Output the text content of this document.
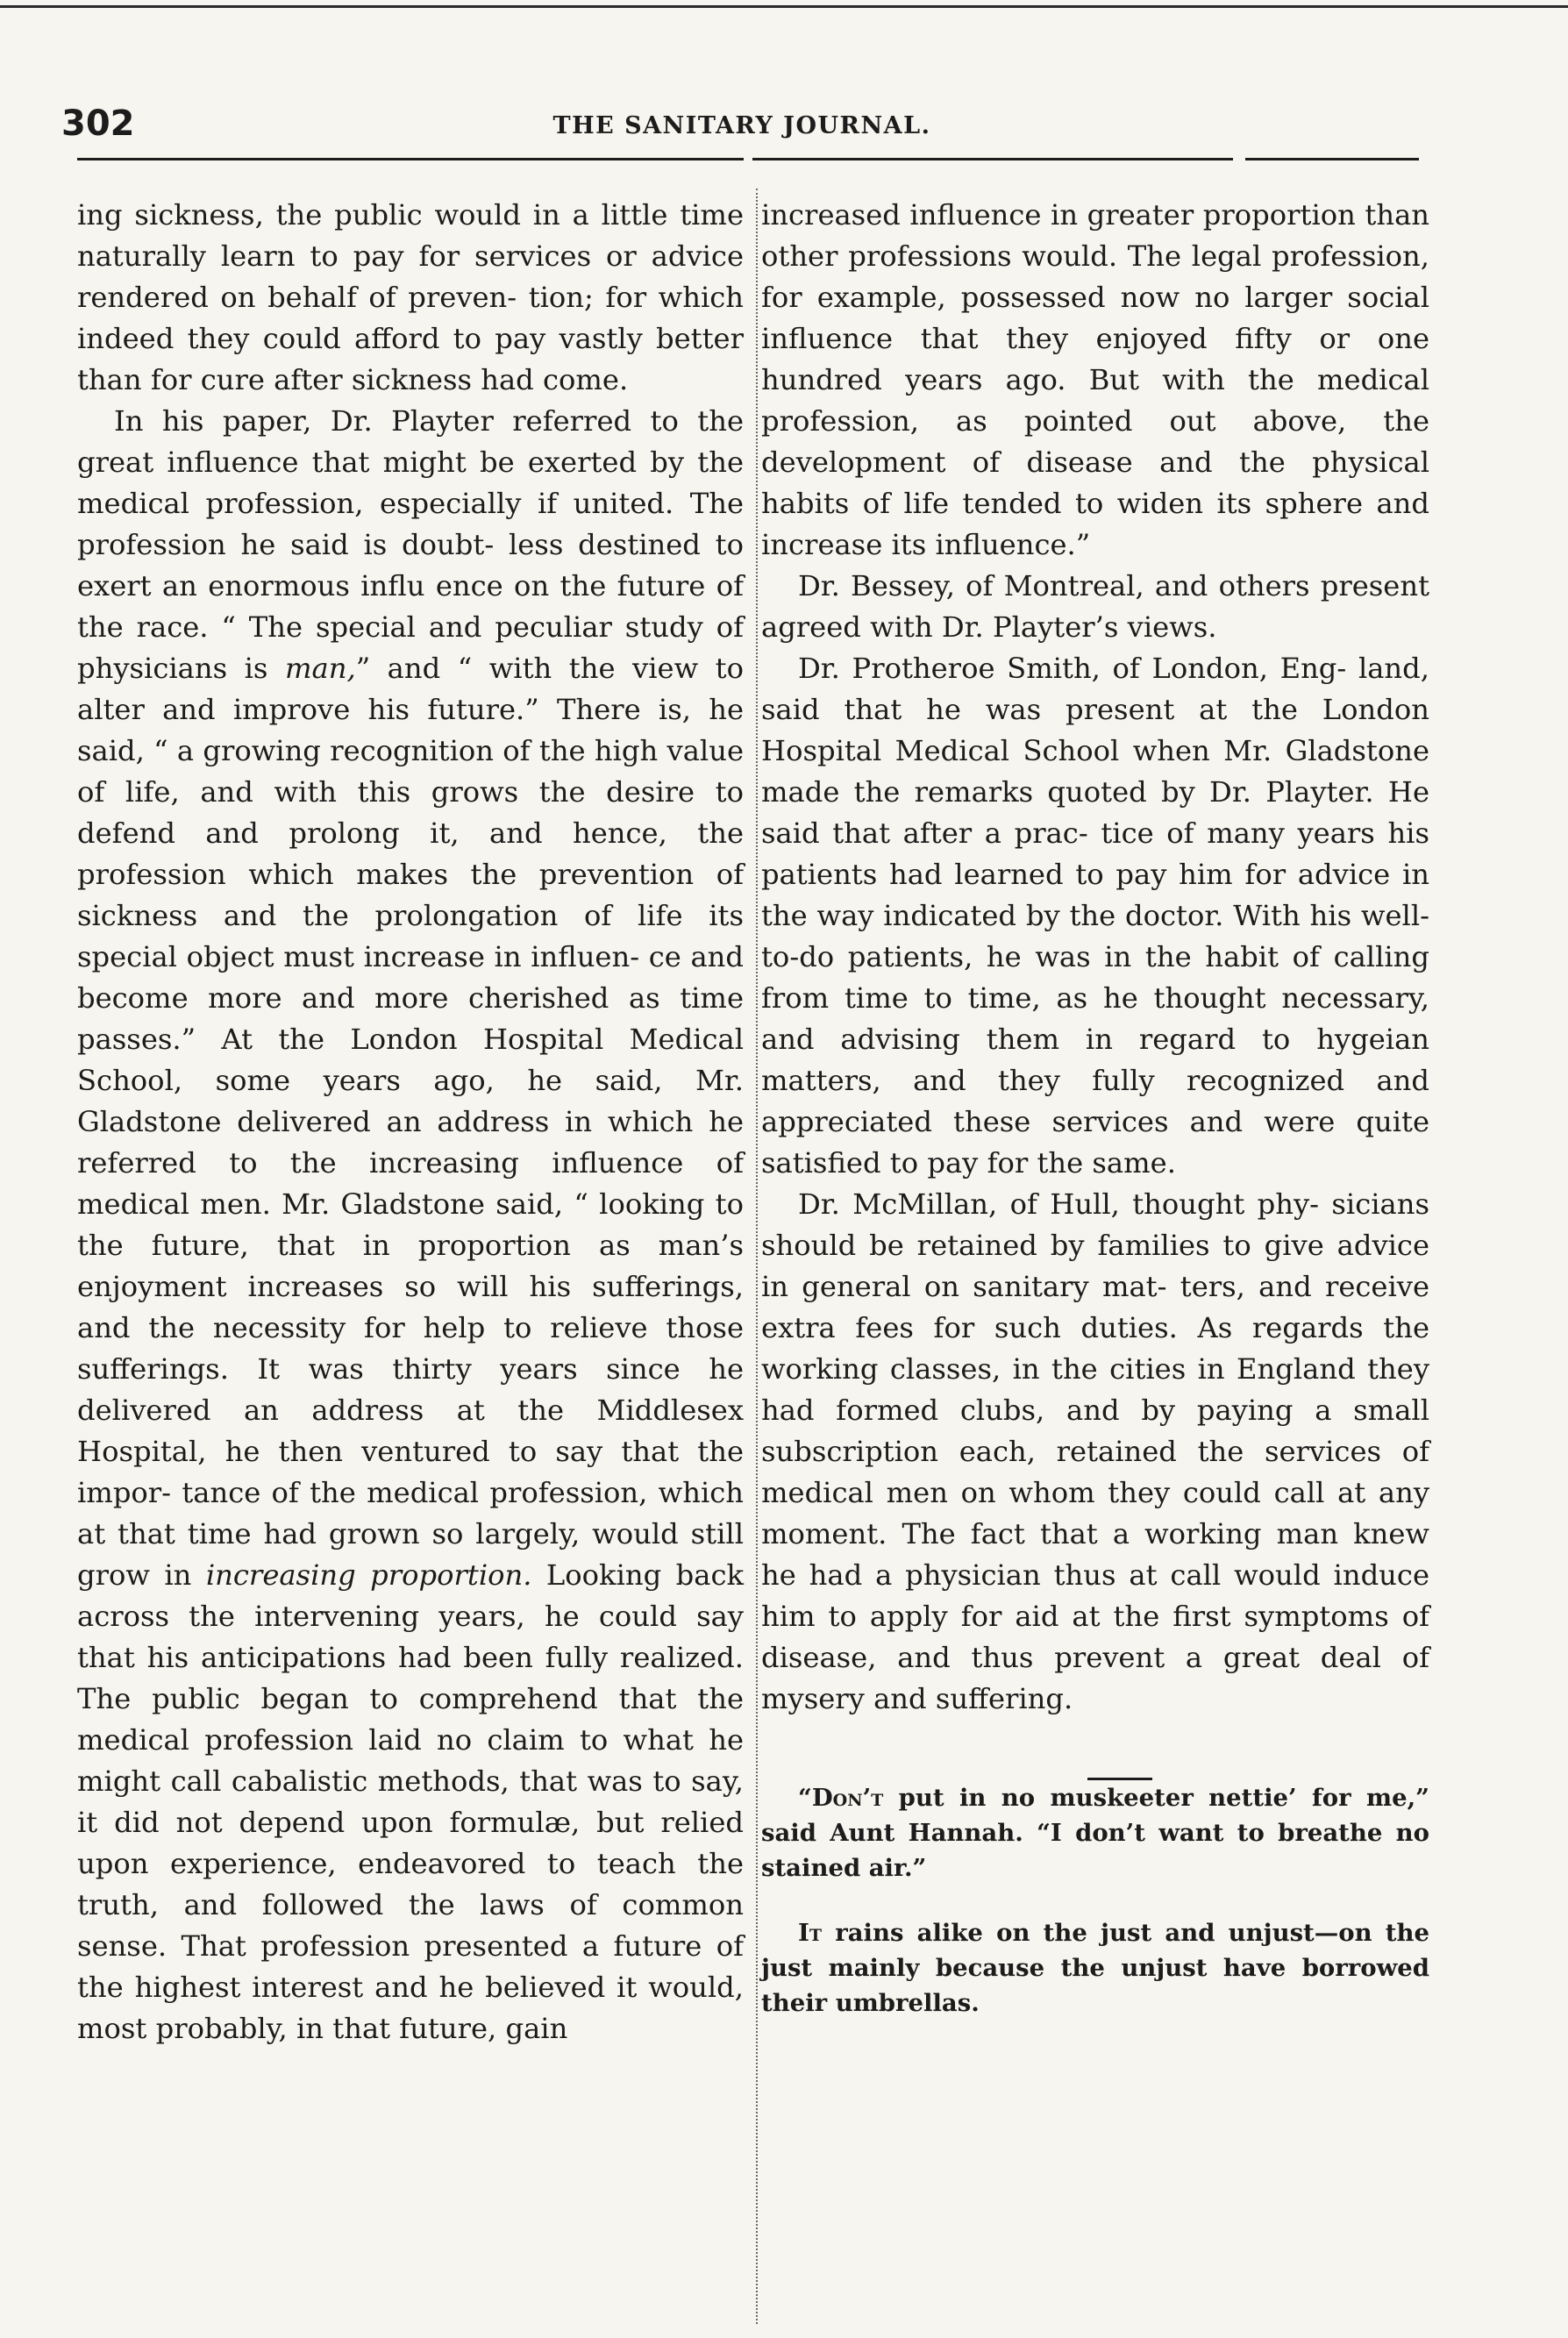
302	THE SANITARY JOURNAL.

ing sickness, the public would in a little time naturally learn to pay for services or advice rendered on behalf of preven- tion; for which indeed they could afford to pay vastly better than for cure after sickness had come.

In his paper, Dr. Playter referred to the great influence that might be exerted by the medical profession, especially if united. The profession he said is doubt- less destined to exert an enormous influ ence on the future of the race. “ The special and peculiar study of physicians is man,” and “ with the view to alter and improve his future.” There is, he said, “ a growing recognition of the high value of life, and with this grows the desire to defend and prolong it, and hence, the profession which makes the prevention of sickness and the prolongation of life its special object must increase in influen- ce and become more and more cherished as time passes.” At the London Hospital Medical School, some years ago, he said, Mr. Gladstone delivered an address in which he referred to the increasing influence of medical men. Mr. Gladstone said, “ looking to the future, that in proportion as man’s enjoyment increases so will his sufferings, and the necessity for help to relieve those sufferings. It was thirty years since he delivered an address at the Middlesex Hospital, he then ventured to say that the impor- tance of the medical profession, which at that time had grown so largely, would still grow in increasing proportion. Looking back across the intervening years, he could say that his anticipations had been fully realized. The public began to comprehend that the medical profession laid no claim to what he might call cabalistic methods, that was to say, it did not depend upon formulæ, but relied upon experience, endeavored to teach the truth, and followed the laws of common sense. That profession presented a future of the highest interest and he believed it would, most probably, in that future, gain

increased influence in greater proportion than other professions would. The legal profession, for example, possessed now no larger social influence that they enjoyed fifty or one hundred years ago. But with the medical profession, as pointed out above, the development of disease and the physical habits of life tended to widen its sphere and increase its influence.”

Dr. Bessey, of Montreal, and others present agreed with Dr. Playter’s views.

Dr. Protheroe Smith, of London, Eng- land, said that he was present at the London Hospital Medical School when Mr. Gladstone made the remarks quoted by Dr. Playter. He said that after a prac- tice of many years his patients had learned to pay him for advice in the way indicated by the doctor. With his well- to-do patients, he was in the habit of calling from time to time, as he thought necessary, and advising them in regard to hygeian matters, and they fully recognized and appreciated these services and were quite satisfied to pay for the same.

Dr. McMillan, of Hull, thought phy- sicians should be retained by families to give advice in general on sanitary mat- ters, and receive extra fees for such duties. As regards the working classes, in the cities in England they had formed clubs, and by paying a small subscription each, retained the services of medical men on whom they could call at any moment. The fact that a working man knew he had a physician thus at call would induce him to apply for aid at the first symptoms of disease, and thus prevent a great deal of mysery and suffering.

“Don’t put in no muskeeter nettie’ for me,” said Aunt Hannah. “I don’t want to breathe no stained air.”

It rains alike on the just and unjust—on the just mainly because the unjust have borrowed their umbrellas.
